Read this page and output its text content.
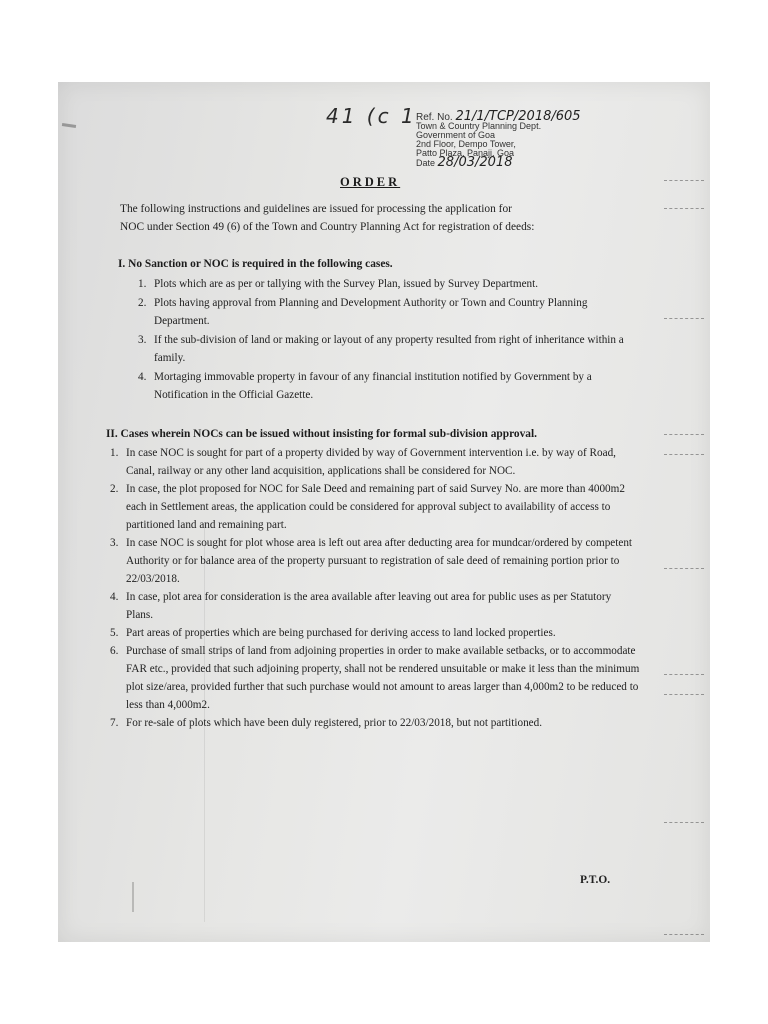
41 (c 1 Ref. No. 21/1/TCP/2018/605
Town & Country Planning Dept.
Government of Goa
2nd Floor, Dempo Tower,
Patto Plaza, Panaji, Goa
Date 28/03/2018
ORDER
The following instructions and guidelines are issued for processing the application for
NOC under Section 49 (6) of the Town and Country Planning Act for registration of deeds:
I. No Sanction or NOC is required in the following cases.
1. Plots which are as per or tallying with the Survey Plan, issued by Survey Department.
2. Plots having approval from Planning and Development Authority or Town and Country Planning Department.
3. If the sub-division of land or making or layout of any property resulted from right of inheritance within a family.
4. Mortaging immovable property in favour of any financial institution notified by Government by a Notification in the Official Gazette.
II. Cases wherein NOCs can be issued without insisting for formal sub-division approval.
1. In case NOC is sought for part of a property divided by way of Government intervention i.e. by way of Road, Canal, railway or any other land acquisition, applications shall be considered for NOC.
2. In case, the plot proposed for NOC for Sale Deed and remaining part of said Survey No. are more than 4000m2 each in Settlement areas, the application could be considered for approval subject to availability of access to partitioned land and remaining part.
3. In case NOC is sought for plot whose area is left out area after deducting area for mundcar/ordered by competent Authority or for balance area of the property pursuant to registration of sale deed of remaining portion prior to 22/03/2018.
4. In case, plot area for consideration is the area available after leaving out area for public uses as per Statutory Plans.
5. Part areas of properties which are being purchased for deriving access to land locked properties.
6. Purchase of small strips of land from adjoining properties in order to make available setbacks, or to accommodate FAR etc., provided that such adjoining property, shall not be rendered unsuitable or make it less than the minimum plot size/area, provided further that such purchase would not amount to areas larger than 4,000m2 to be reduced to less than 4,000m2.
7. For re-sale of plots which have been duly registered, prior to 22/03/2018, but not partitioned.
P.T.O.
